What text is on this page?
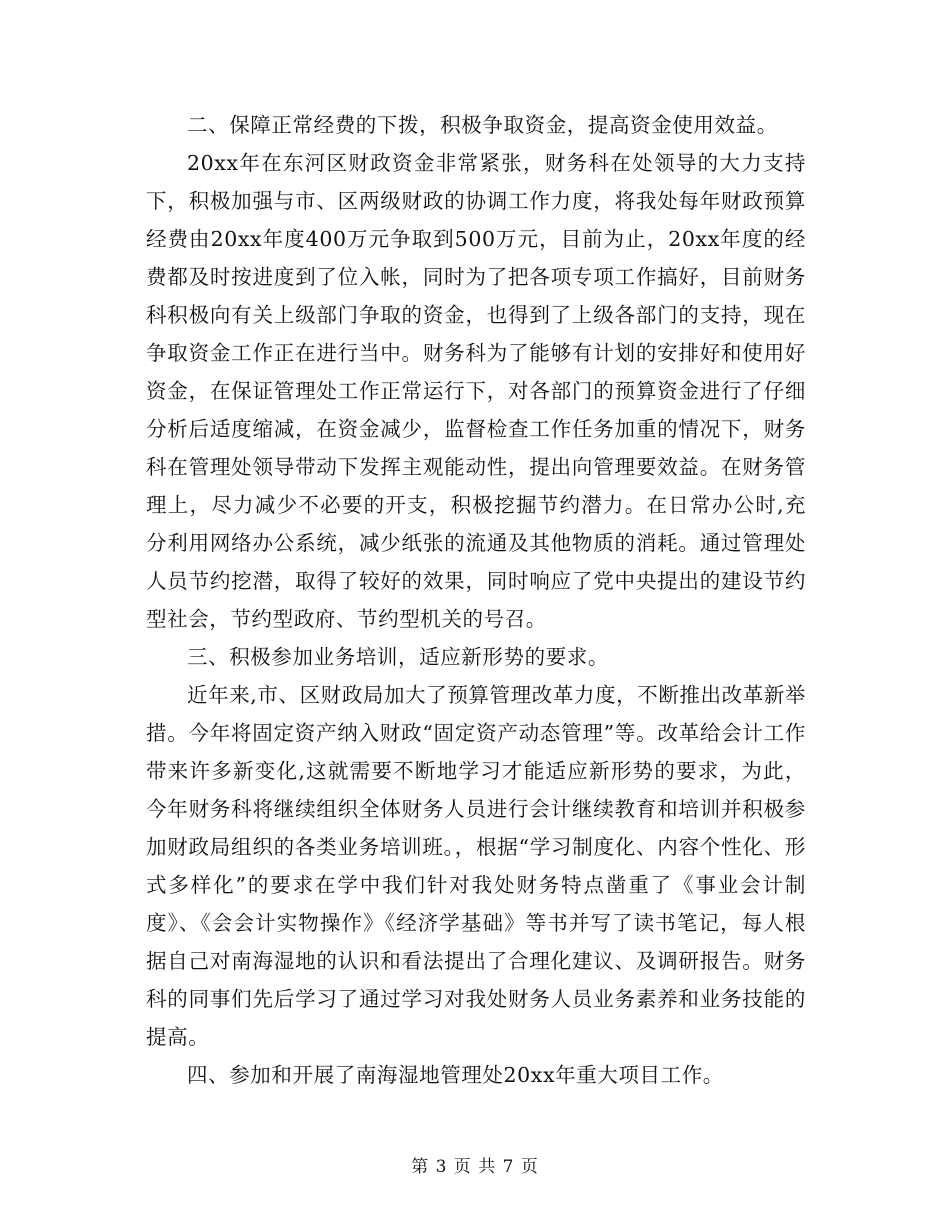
二、保障正常经费的下拨，积极争取资金，提高资金使用效益。

20xx年在东河区财政资金非常紧张，财务科在处领导的大力支持下，积极加强与市、区两级财政的协调工作力度，将我处每年财政预算经费由20xx年度400万元争取到500万元，目前为止，20xx年度的经费都及时按进度到了位入帐，同时为了把各项专项工作搞好，目前财务科积极向有关上级部门争取的资金，也得到了上级各部门的支持，现在争取资金工作正在进行当中。财务科为了能够有计划的安排好和使用好资金，在保证管理处工作正常运行下，对各部门的预算资金进行了仔细分析后适度缩减，在资金减少，监督检查工作任务加重的情况下，财务科在管理处领导带动下发挥主观能动性，提出向管理要效益。在财务管理上，尽力减少不必要的开支，积极挖掘节约潜力。在日常办公时,充分利用网络办公系统，减少纸张的流通及其他物质的消耗。通过管理处人员节约挖潜，取得了较好的效果，同时响应了党中央提出的建设节约型社会，节约型政府、节约型机关的号召。

三、积极参加业务培训，适应新形势的要求。

近年来,市、区财政局加大了预算管理改革力度，不断推出改革新举措。今年将固定资产纳入财政“固定资产动态管理”等。改革给会计工作带来许多新变化,这就需要不断地学习才能适应新形势的要求，为此，今年财务科将继续组织全体财务人员进行会计继续教育和培训并积极参加财政局组织的各类业务培训班。，根据“学习制度化、内容个性化、形式多样化”的要求在学中我们针对我处财务特点凿重了《事业会计制度》、《会会计实物操作》《经济学基础》等书并写了读书笔记，每人根据自己对南海湿地的认识和看法提出了合理化建议、及调研报告。财务科的同事们先后学习了通过学习对我处财务人员业务素养和业务技能的提高。

四、参加和开展了南海湿地管理处20xx年重大项目工作。

第 3 页 共 7 页
